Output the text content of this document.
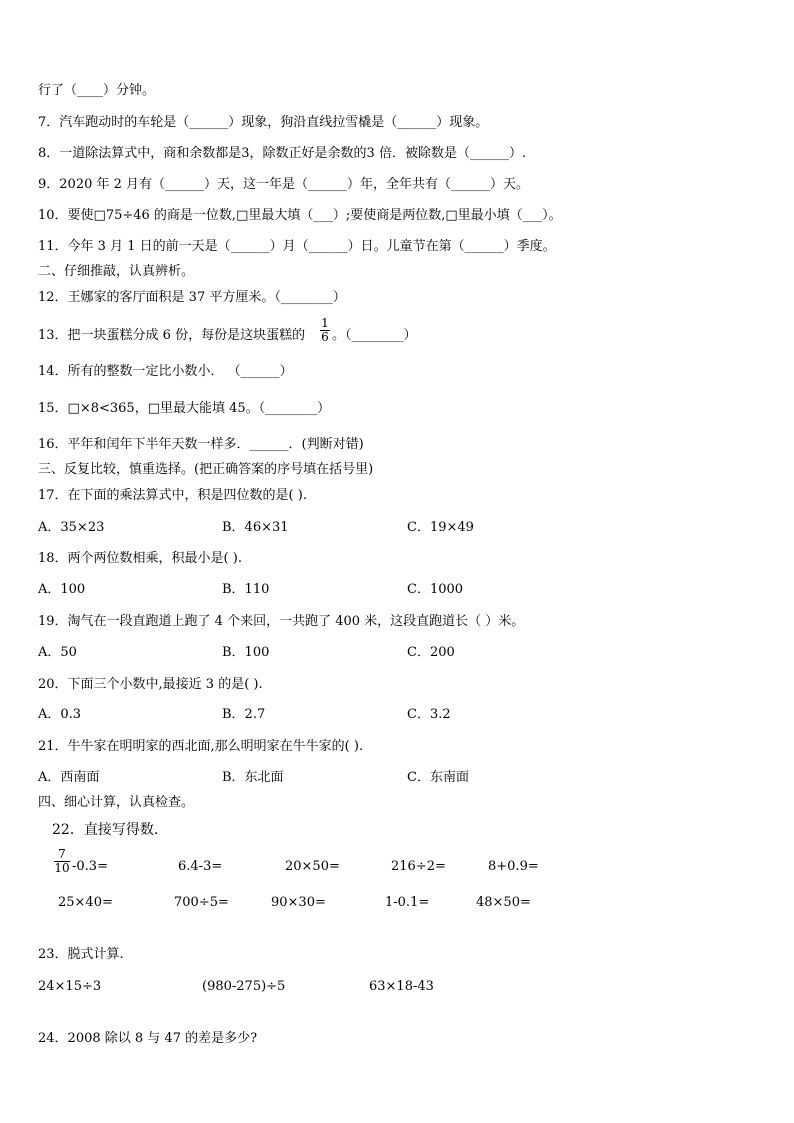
行了（____）分钟。
7．汽车跑动时的车轮是（______）现象，狗沿直线拉雪橇是（______）现象。
8．一道除法算式中，商和余数都是3，除数正好是余数的3 倍．被除数是（______）.
9．2020 年 2 月有（______）天，这一年是（______）年，全年共有（______）天。
10．要使□75÷46 的商是一位数,□里最大填（___）;要使商是两位数,□里最小填（___）。
11．今年 3 月 1 日的前一天是（______）月（______）日。儿童节在第（______）季度。
二、仔细推敲，认真辨析。
12．王娜家的客厅面积是 37 平方厘米。（________）
13．把一块蛋糕分成 6 份，每份是这块蛋糕的
1
6 。（________）
14．所有的整数一定比小数小． （______）
15．□×8<365，□里最大能填 45。（________）
16．平年和闰年下半年天数一样多．______．(判断对错)
三、反复比较，慎重选择。(把正确答案的序号填在括号里)
17．在下面的乘法算式中，积是四位数的是( ).
A．35×23	B．46×31	C．19×49
18．两个两位数相乘，积最小是( ).
A．100	B．110	C．1000
19．淘气在一段直跑道上跑了 4 个来回，一共跑了 400 米，这段直跑道长（ ）米。
A．50	B．100	C．200
20．下面三个小数中,最接近 3 的是( ).
A．0.3	B．2.7	C．3.2
21．牛牛家在明明家的西北面,那么明明家在牛牛家的( ).
A．西南面	B．东北面	C．东南面
四、细心计算，认真检查。
22．直接写得数．
7
10 -0.3=	6.4-3=	20×50=	216÷2=	8+0.9=
25×40=	700÷5=	90×30=	1-0.1=	48×50=
23．脱式计算.
24×15÷3	(980-275)÷5	63×18-43
24．2008 除以 8 与 47 的差是多少?
